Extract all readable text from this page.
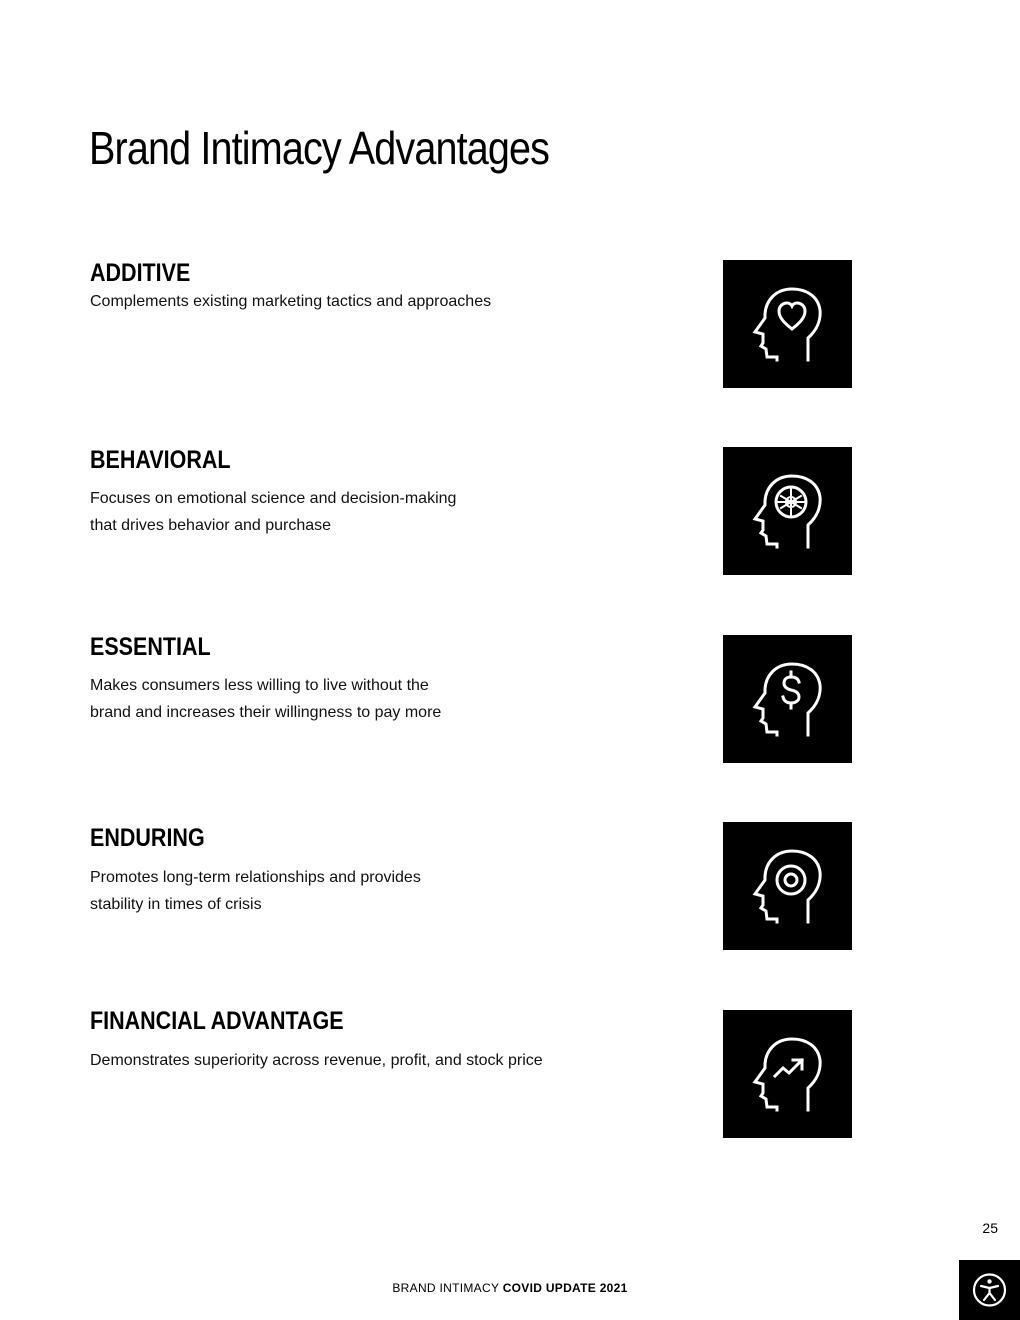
Brand Intimacy Advantages
ADDITIVE

Complements existing marketing tactics and approaches

BEHAVIORAL

Focuses on emotional science and decision-making
that drives behavior and purchase

ESSENTIAL

Makes consumers less willing to live without the
brand and increases their willingness to pay more

ENDURING

Promotes long-term relationships and provides
stability in times of crisis

FINANCIAL ADVANTAGE

Demonstrates superiority across revenue, profit, and stock price

25
BRAND INTIMACY COVID UPDATE 2021
